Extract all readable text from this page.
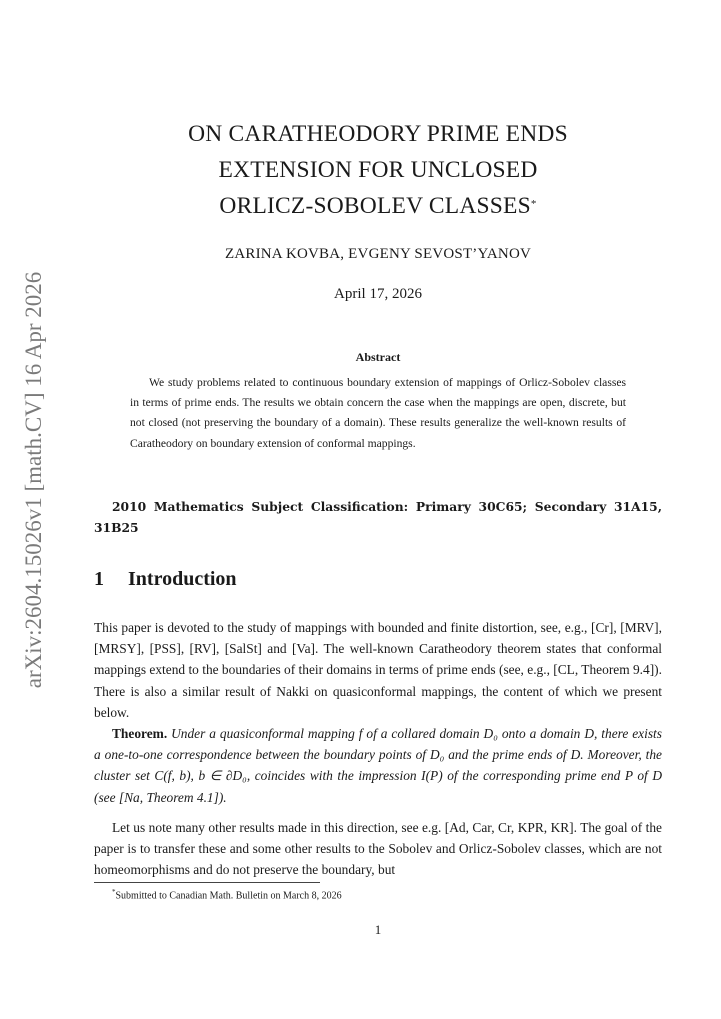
arXiv:2604.15026v1 [math.CV] 16 Apr 2026
ON CARATHEODORY PRIME ENDS
EXTENSION FOR UNCLOSED
ORLICZ-SOBOLEV CLASSES*
ZARINA KOVBA, EVGENY SEVOST’YANOV
April 17, 2026
Abstract
We study problems related to continuous boundary extension of mappings of Orlicz-Sobolev classes in terms of prime ends. The results we obtain concern the case when the mappings are open, discrete, but not closed (not preserving the boundary of a domain). These results generalize the well-known results of Caratheodory on boundary extension of conformal mappings.
2010 Mathematics Subject Classification: Primary 30C65; Secondary 31A15, 31B25
1 Introduction
This paper is devoted to the study of mappings with bounded and finite distortion, see, e.g., [Cr], [MRV], [MRSY], [PSS], [RV], [SalSt] and [Va]. The well-known Caratheodory theorem states that conformal mappings extend to the boundaries of their domains in terms of prime ends (see, e.g., [CL, Theorem 9.4]). There is also a similar result of Nakki on quasiconformal mappings, the content of which we present below.
Theorem. Under a quasiconformal mapping f of a collared domain D₀ onto a domain D, there exists a one-to-one correspondence between the boundary points of D₀ and the prime ends of D. Moreover, the cluster set C(f, b), b ∈ ∂D₀, coincides with the impression I(P) of the corresponding prime end P of D (see [Na, Theorem 4.1]).
Let us note many other results made in this direction, see e.g. [Ad, Car, Cr, KPR, KR]. The goal of the paper is to transfer these and some other results to the Sobolev and Orlicz-Sobolev classes, which are not homeomorphisms and do not preserve the boundary, but
*Submitted to Canadian Math. Bulletin on March 8, 2026
1
